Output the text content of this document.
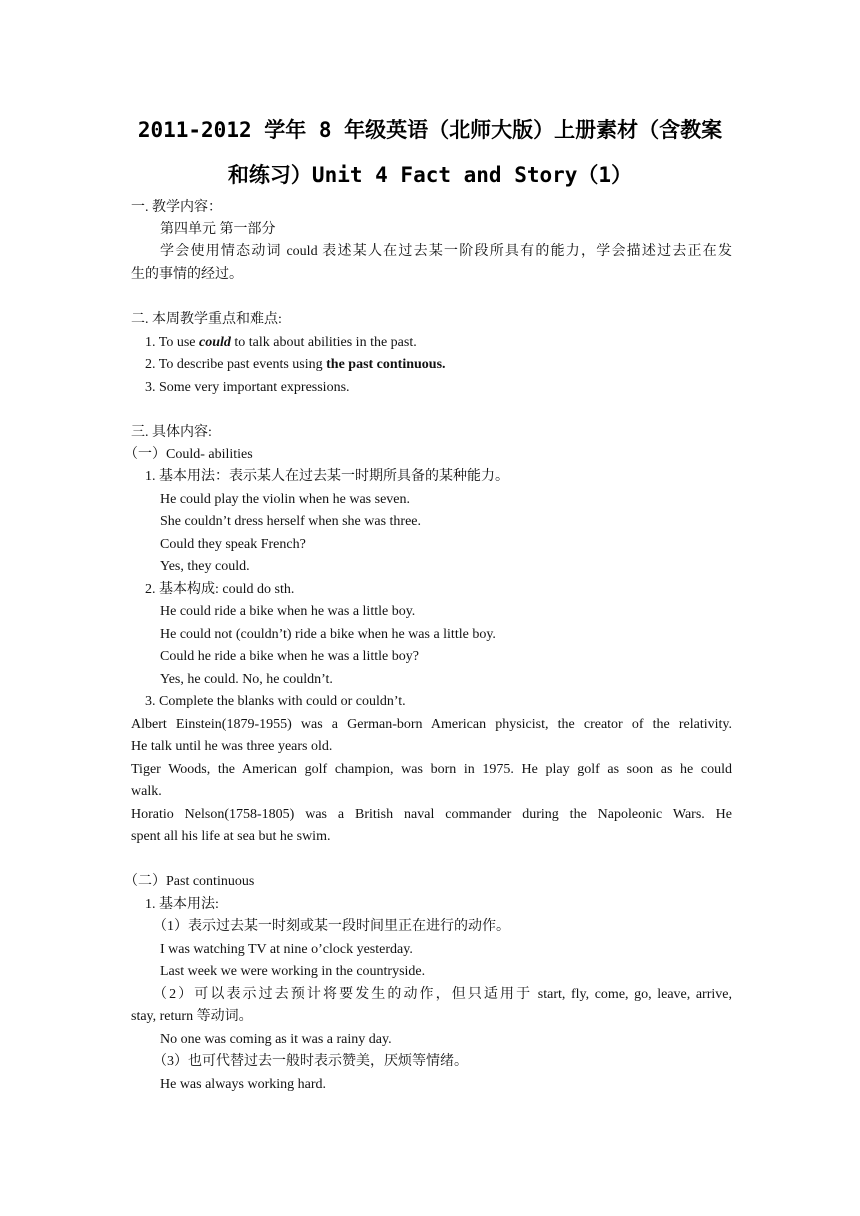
2011-2012 学年 8 年级英语（北师大版）上册素材（含教案
和练习）Unit 4 Fact and Story（1）
一. 教学内容：
第四单元 第一部分
学会使用情态动词 could 表述某人在过去某一阶段所具有的能力，学会描述过去正在发
生的事情的经过。
二. 本周教学重点和难点:
1. To use could to talk about abilities in the past.
2. To describe past events using the past continuous.
3. Some very important expressions.
三. 具体内容:
（一）Could- abilities
1. 基本用法：表示某人在过去某一时期所具备的某种能力。
He could play the violin when he was seven.
She couldn’t dress herself when she was three.
Could they speak French?
Yes, they could.
2. 基本构成: could do sth.
He could ride a bike when he was a little boy.
He could not (couldn’t) ride a bike when he was a little boy.
Could he ride a bike when he was a little boy?
Yes, he could. No, he couldn’t.
3. Complete the blanks with could or couldn’t.
Albert Einstein(1879-1955) was a German-born American physicist, the creator of the relativity.
He talk until he was three years old.
Tiger Woods, the American golf champion, was born in 1975. He play golf as soon as he could
walk.
Horatio Nelson(1758-1805) was a British naval commander during the Napoleonic Wars. He
spent all his life at sea but he swim.
（二）Past continuous
1. 基本用法:
（1）表示过去某一时刻或某一段时间里正在进行的动作。
I was watching TV at nine o’clock yesterday.
Last week we were working in the countryside.
（2）可以表示过去预计将要发生的动作，但只适用于 start, fly, come, go, leave, arrive,
stay, return 等动词。
No one was coming as it was a rainy day.
（3）也可代替过去一般时表示赞美，厌烦等情绪。
He was always working hard.
